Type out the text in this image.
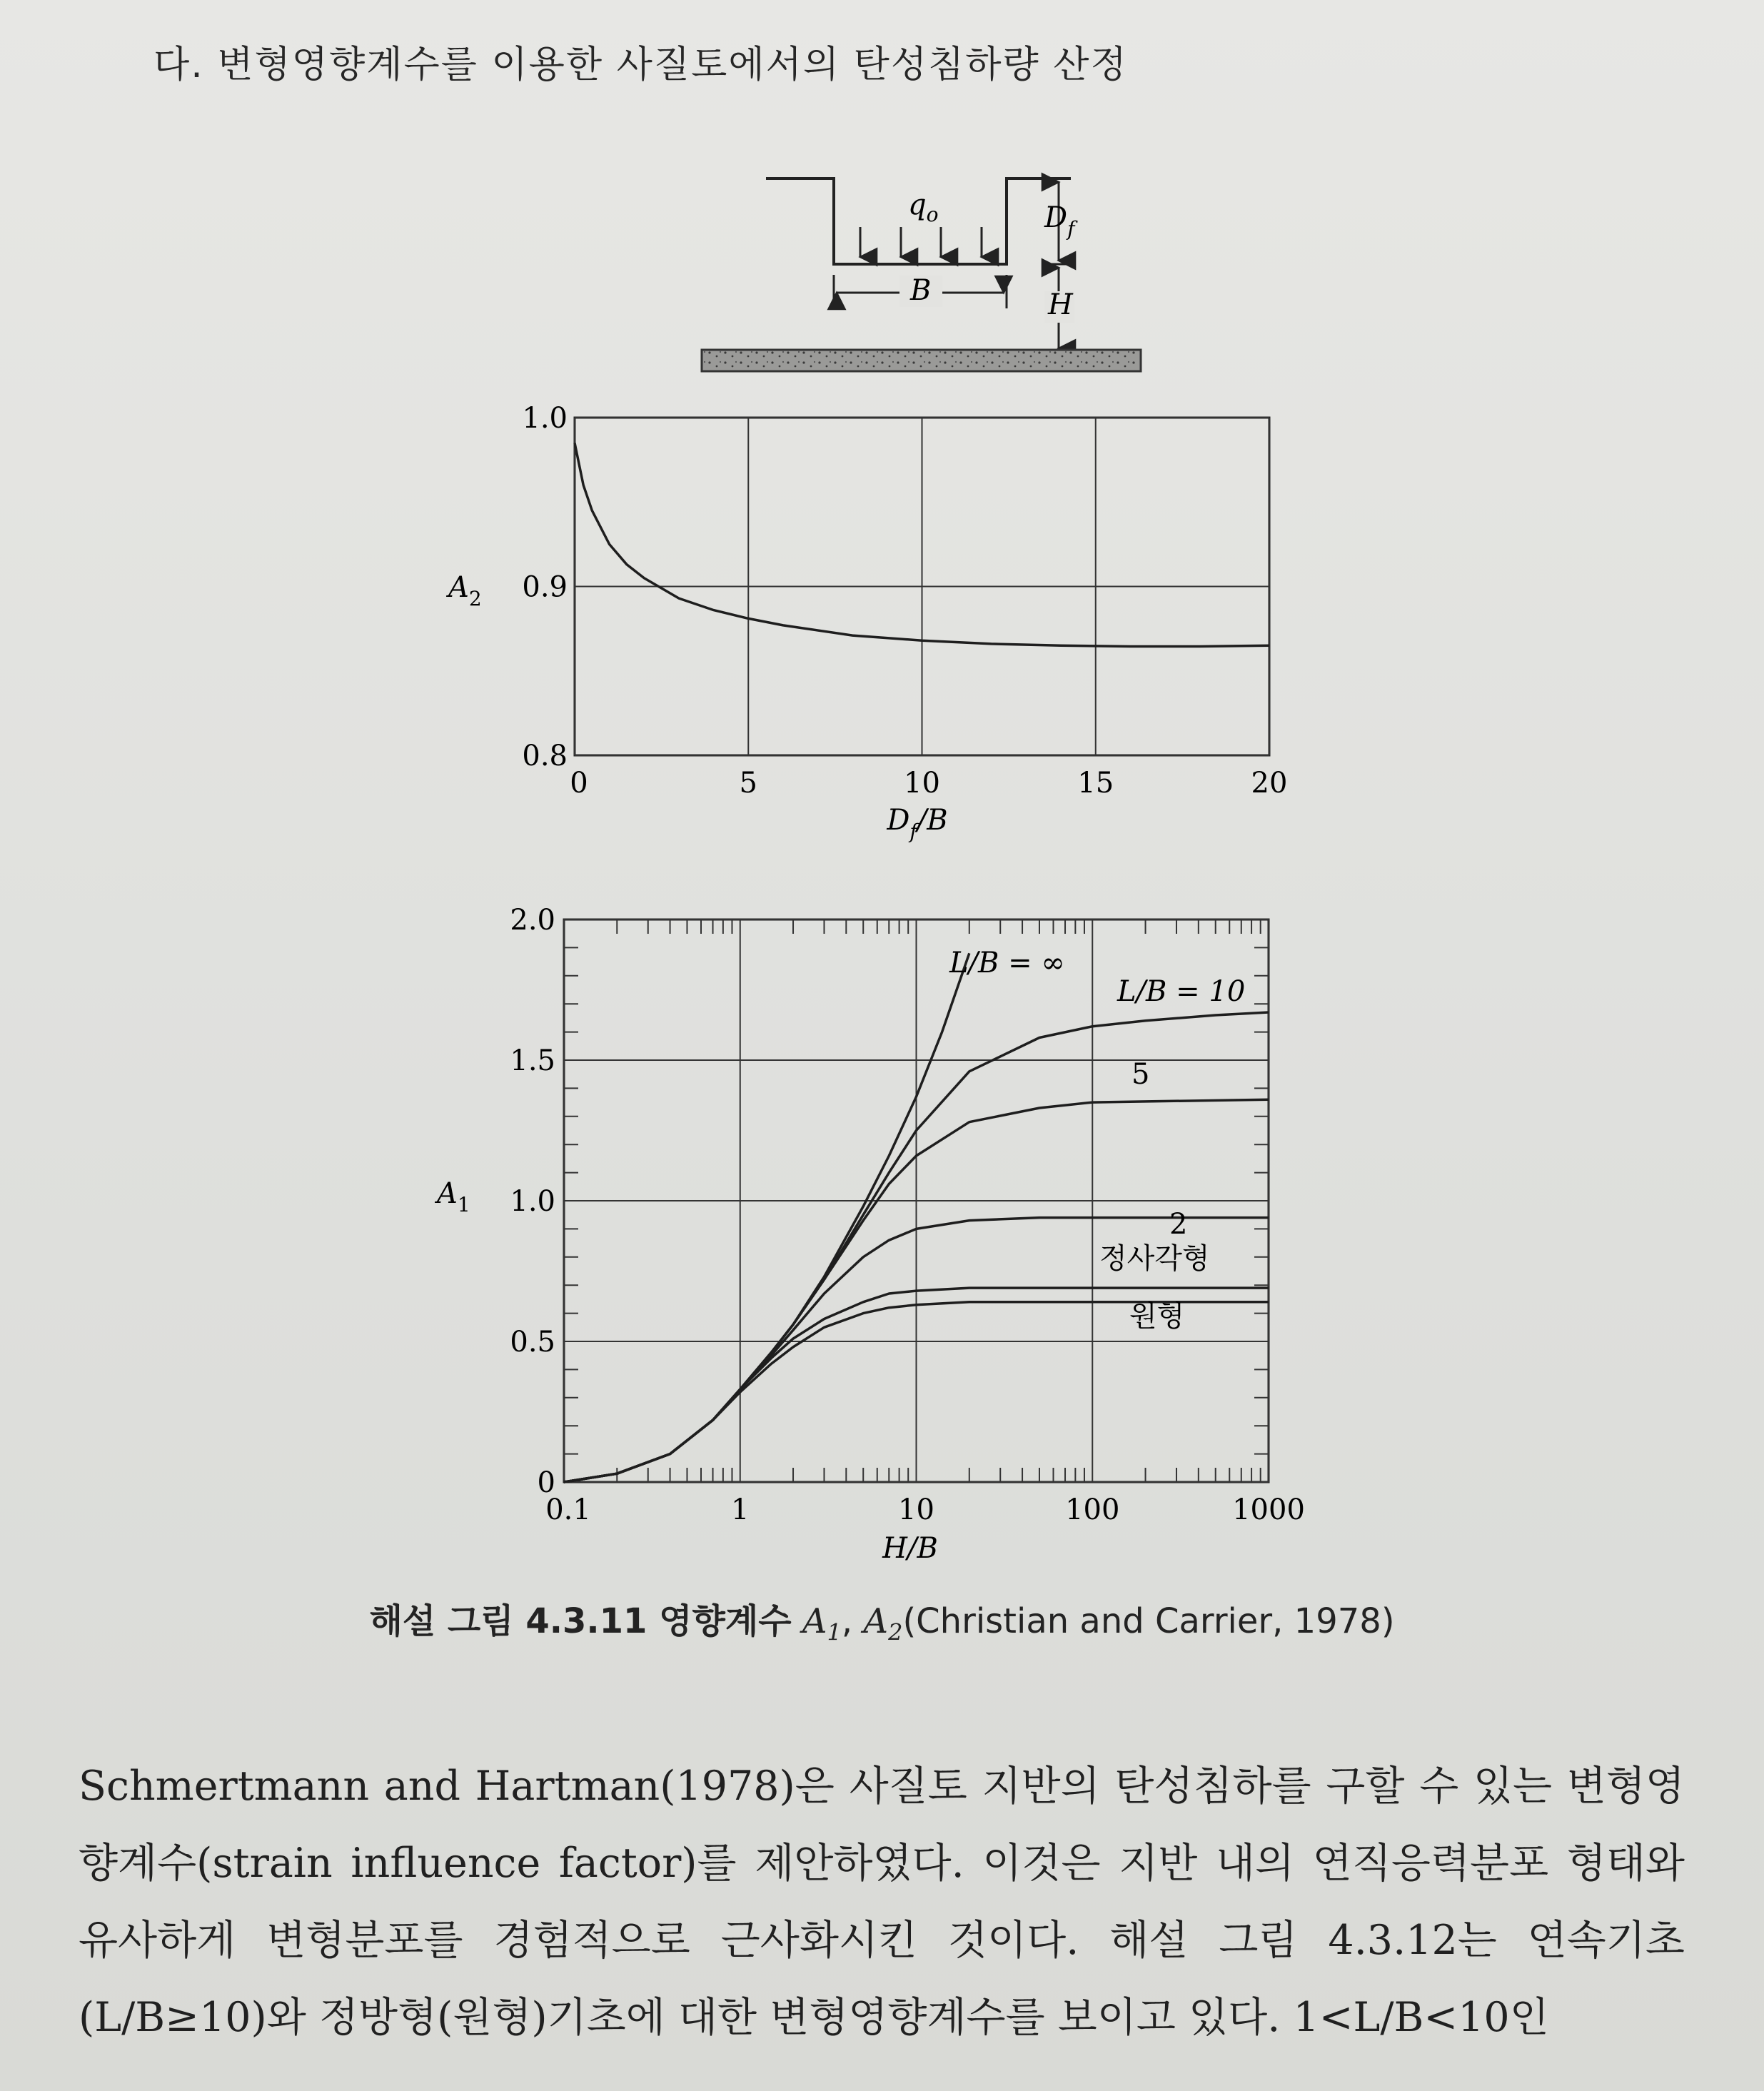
다. 변형영향계수를 이용한 사질토에서의 탄성침하량 산정
$q_o$	$D_f$
B	H
0	5	10	15	20
0.8
0.9
1.0
$A_2$
$D_f/B$
0.1	1	10	100	1000
0
0.5
1.0
1.5
2.0
L/B = ∞
L/B = 10
5
2
정사각형
원형
$A_1$
H/B
해설 그림 4.3.11 영향계수 $A_1$, $A_2(Christian$ and Carrier, 1978)

Schmertmann and Hartman(1978)은 사질토 지반의 탄성침하를 구할 수 있는 변형영향계수(strain influence factor)를 제안하였다. 이것은 지반 내의 연직응력분포 형태와 유사하게 변형분포를 경험적으로 근사화시킨 것이다. 해설 그림 4.3.12는 연속기초(L/B≥10)와 정방형(원형)기초에 대한 변형영향계수를 보이고 있다. 1<L/B<10인
